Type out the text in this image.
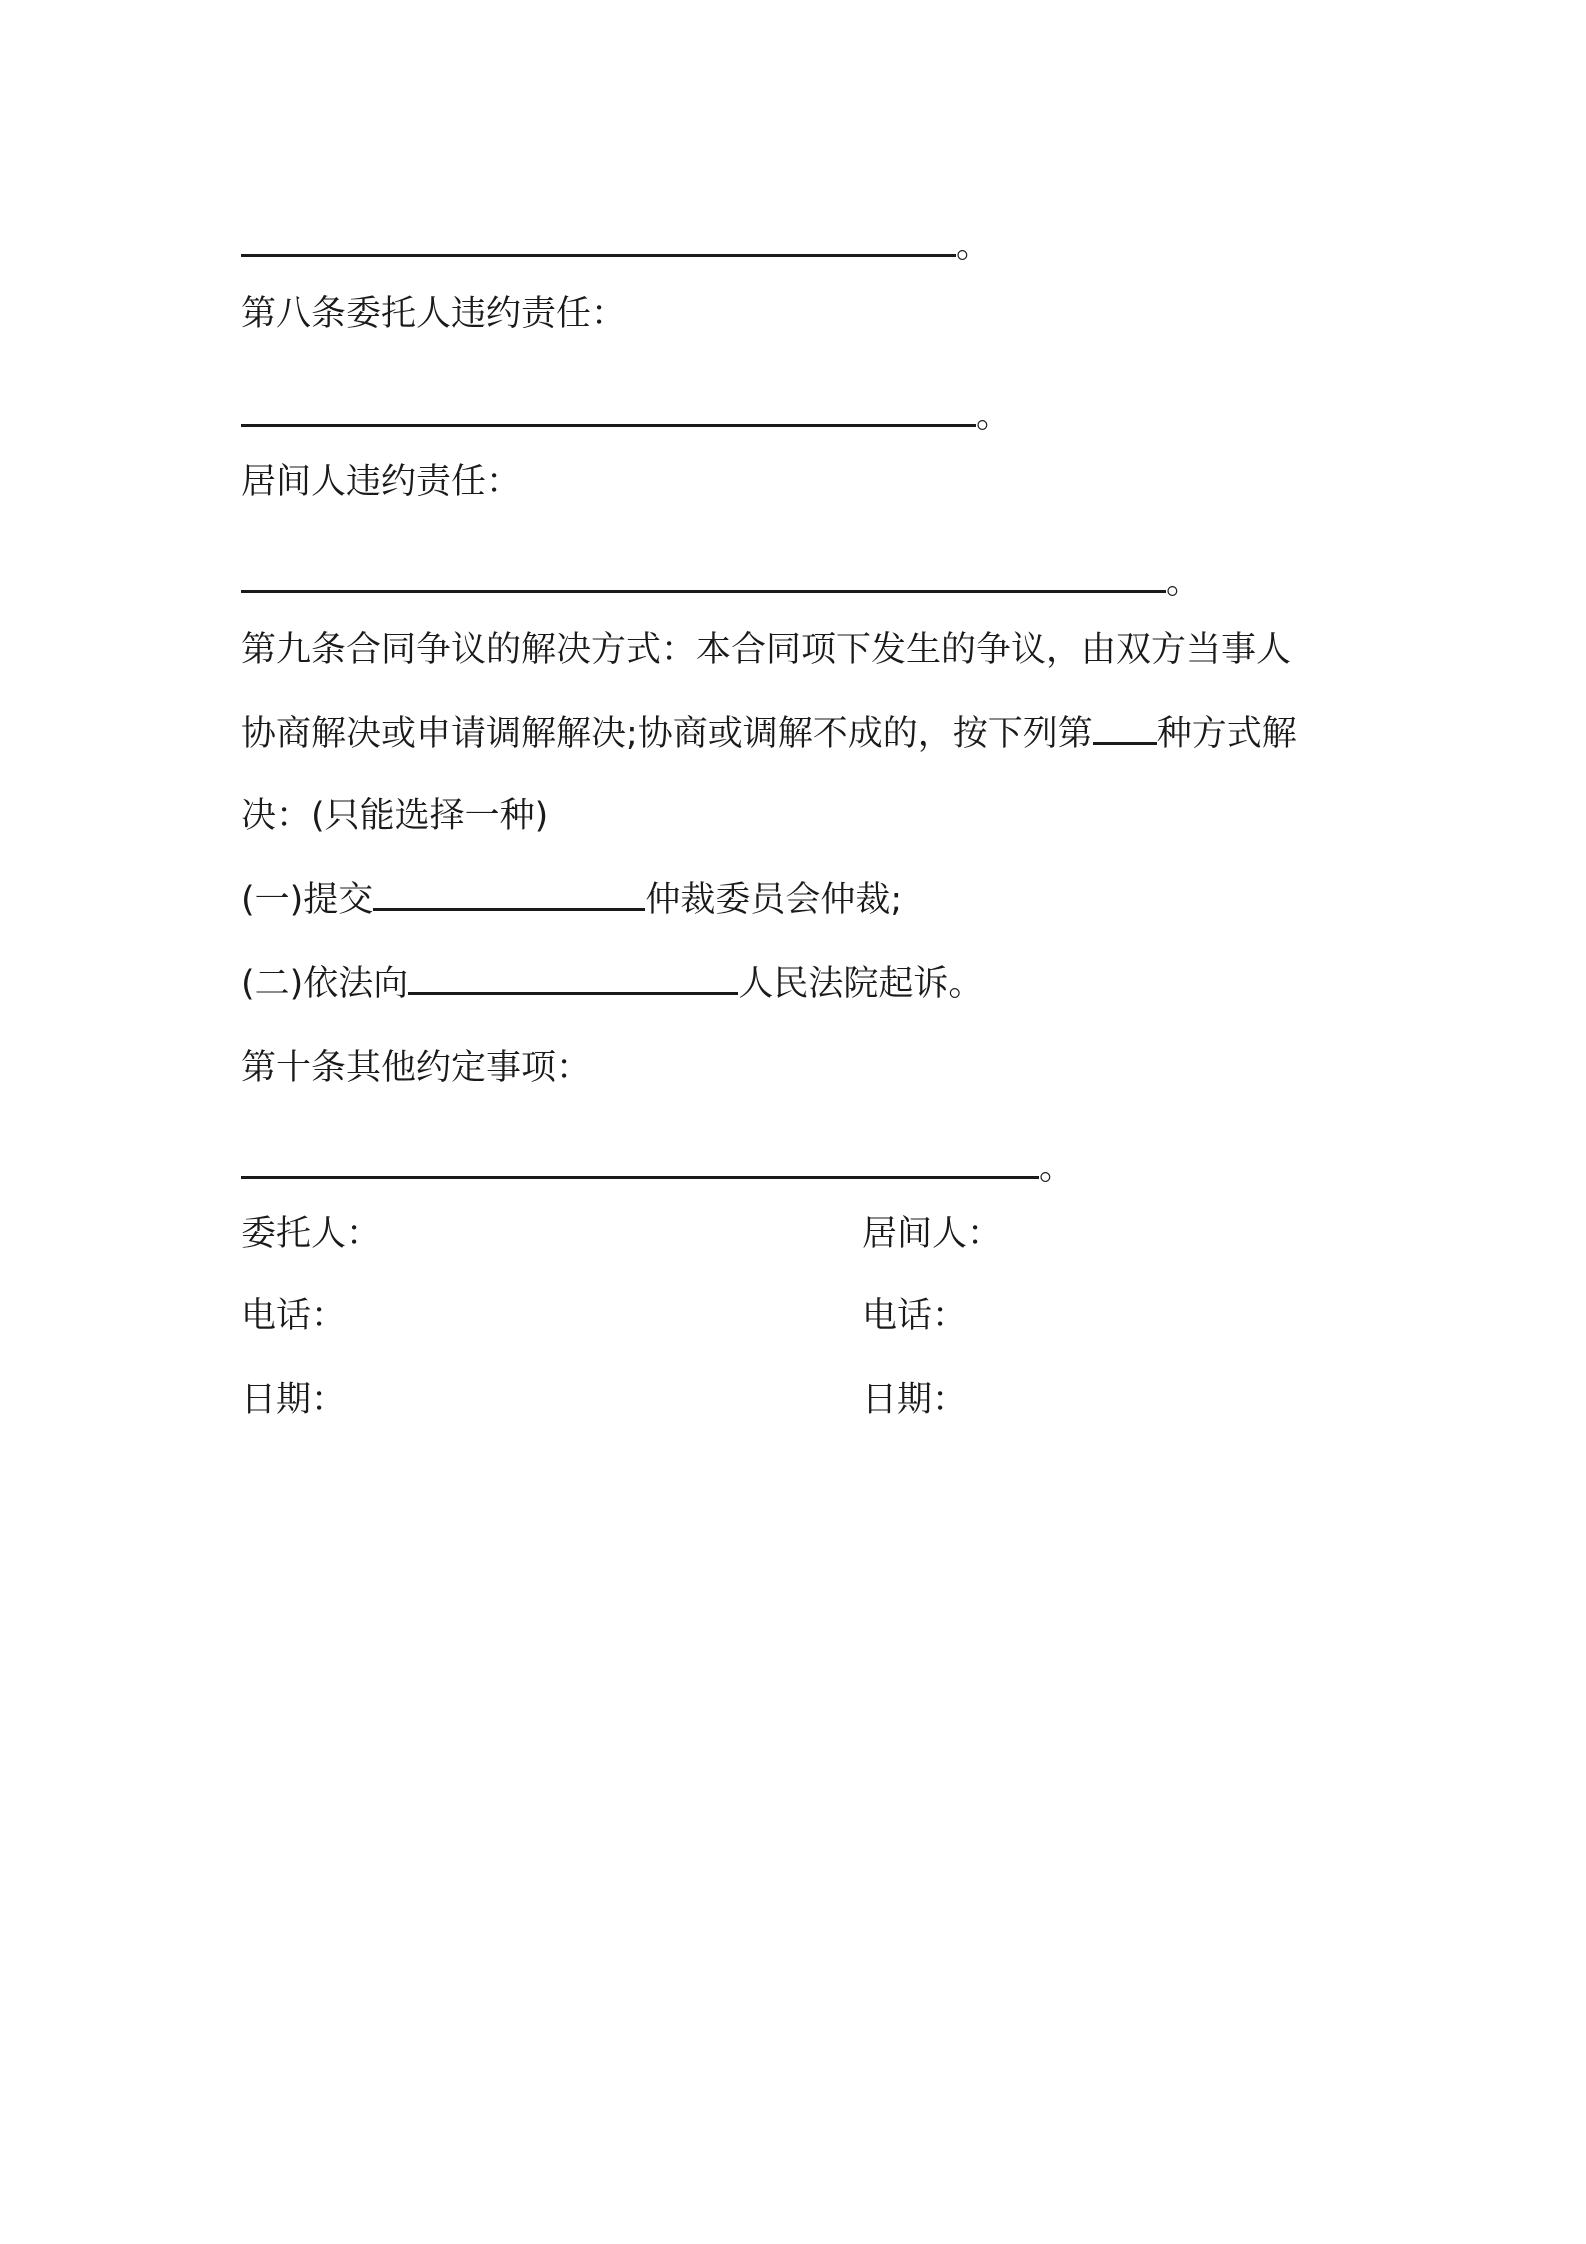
。
第八条委托人违约责任：
。
居间人违约责任：
。
第九条合同争议的解决方式：本合同项下发生的争议，由双方当事人
协商解决或申请调解解决;协商或调解不成的，按下列第 种方式解
决：(只能选择一种)
(一)提交	仲裁委员会仲裁;
(二)依法向	人民法院起诉。
第十条其他约定事项：
。
委托人：	居间人：
电话：	电话：
日期：	日期：
